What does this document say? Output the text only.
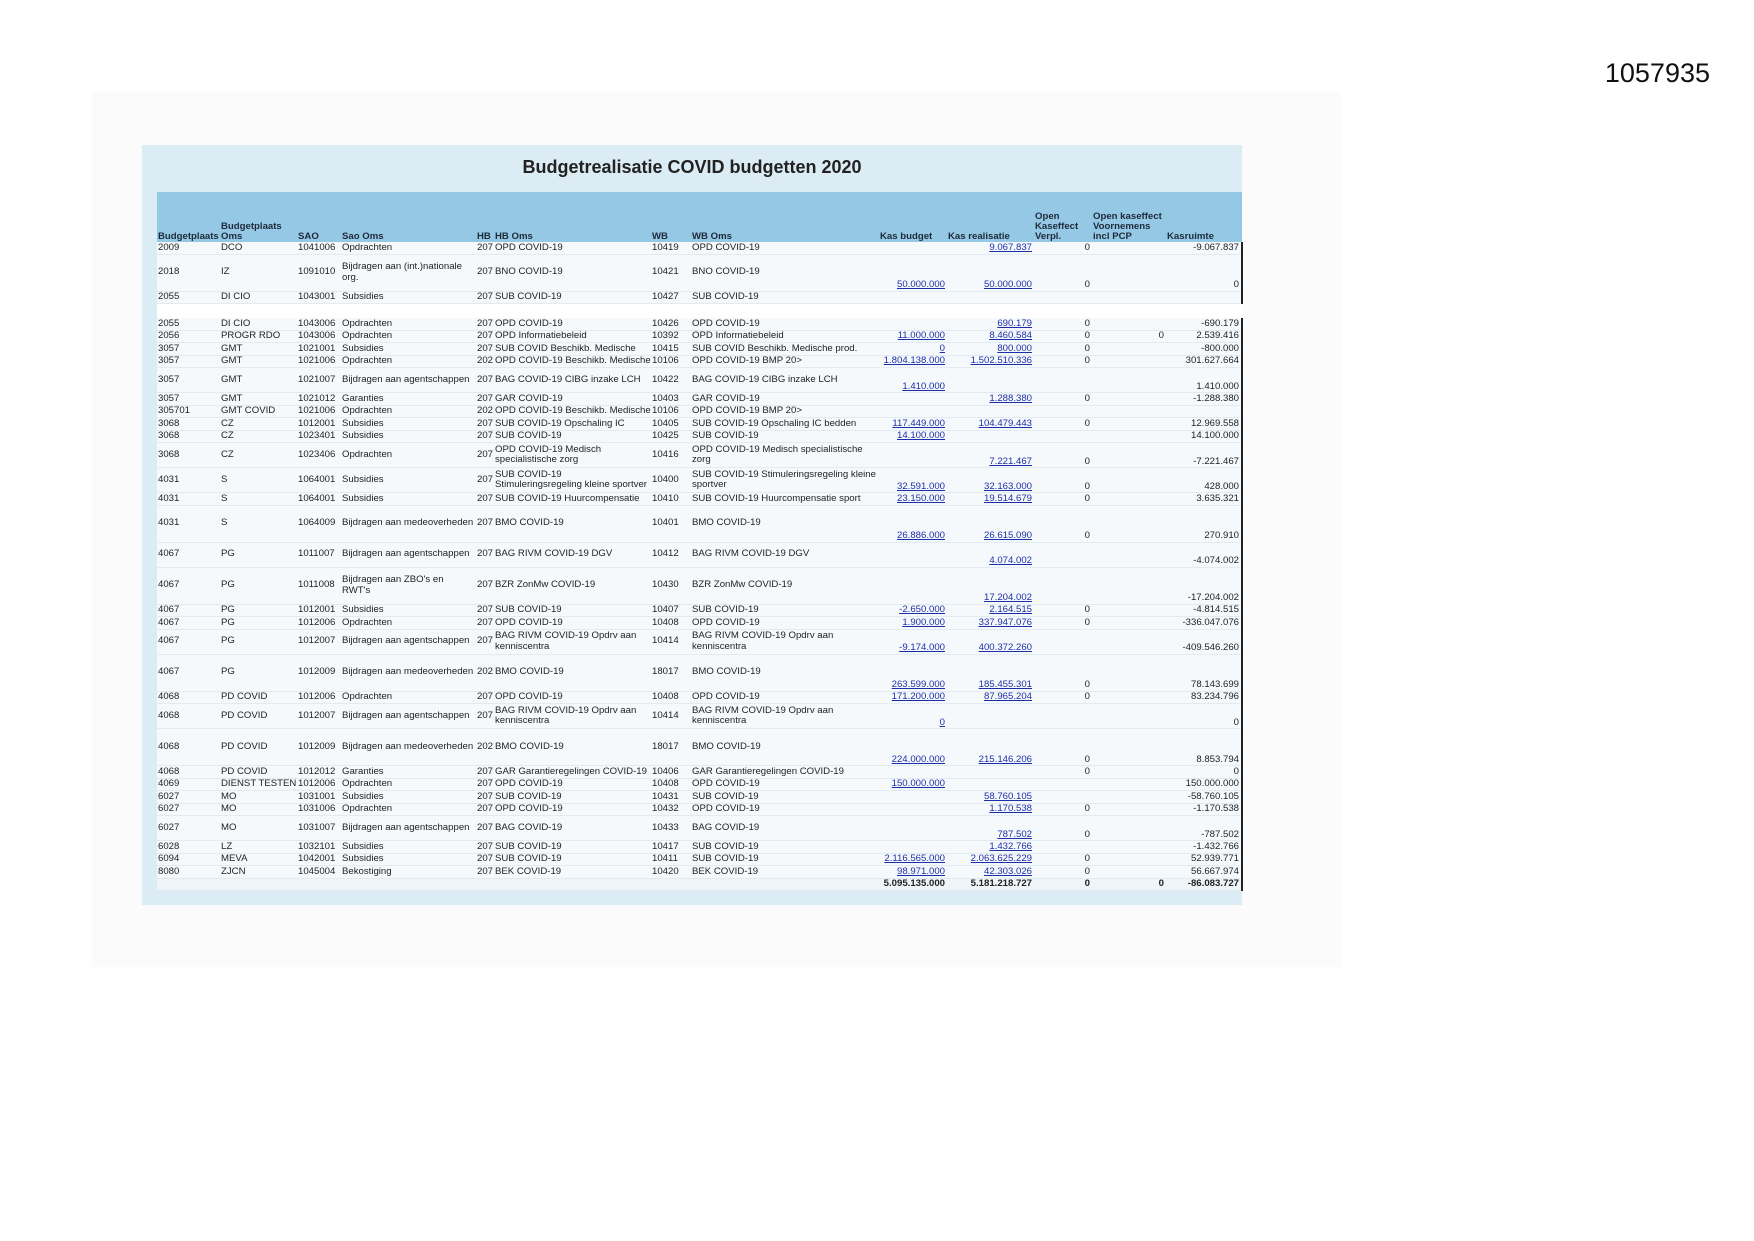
1057935
Budgetrealisatie COVID budgetten 2020
Budgetplaats	Budgetplaats Oms	SAO	Sao Oms	HB	HB Oms	WB	WB Oms	Kas budget	Kas realisatie	Open Kaseffect Verpl.	Open kaseffect Voornemens incl PCP	Kasruimte
2009	DCO	1041006	Opdrachten	207	OPD COVID-19	10419	OPD COVID-19		9.067.837	0		-9.067.837
2018	IZ	1091010	Bijdragen aan (int.)nationale org.	207	BNO COVID-19	10421	BNO COVID-19	50.000.000	50.000.000	0		0
2055	DI CIO	1043001	Subsidies	207	SUB COVID-19	10427	SUB COVID-19					

2055	DI CIO	1043006	Opdrachten	207	OPD COVID-19	10426	OPD COVID-19		690.179	0		-690.179
2056	PROGR RDO	1043006	Opdrachten	207	OPD Informatiebeleid	10392	OPD Informatiebeleid	11.000.000	8.460.584	0	0	2.539.416
3057	GMT	1021001	Subsidies	207	SUB COVID Beschikb. Medische	10415	SUB COVID Beschikb. Medische prod.	0	800.000	0		-800.000
3057	GMT	1021006	Opdrachten	202	OPD COVID-19 Beschikb. Medische	10106	OPD COVID-19 BMP 20>	1.804.138.000	1.502.510.336	0		301.627.664
3057	GMT	1021007	Bijdragen aan agentschappen	207	BAG COVID-19 CIBG inzake LCH	10422	BAG COVID-19 CIBG inzake LCH	1.410.000				1.410.000
3057	GMT	1021012	Garanties	207	GAR COVID-19	10403	GAR COVID-19		1.288.380	0		-1.288.380
305701	GMT COVID	1021006	Opdrachten	202	OPD COVID-19 Beschikb. Medische	10106	OPD COVID-19 BMP 20>					
3068	CZ	1012001	Subsidies	207	SUB COVID-19 Opschaling IC	10405	SUB COVID-19 Opschaling IC bedden	117.449.000	104.479.443	0		12.969.558
3068	CZ	1023401	Subsidies	207	SUB COVID-19	10425	SUB COVID-19	14.100.000				14.100.000
3068	CZ	1023406	Opdrachten	207	OPD COVID-19 Medisch specialistische zorg	10416	OPD COVID-19 Medisch specialistische zorg		7.221.467	0		-7.221.467
4031	S	1064001	Subsidies	207	SUB COVID-19 Stimuleringsregeling kleine sportver	10400	SUB COVID-19 Stimuleringsregeling kleine sportver	32.591.000	32.163.000	0		428.000
4031	S	1064001	Subsidies	207	SUB COVID-19 Huurcompensatie	10410	SUB COVID-19 Huurcompensatie sport	23.150.000	19.514.679	0		3.635.321
4031	S	1064009	Bijdragen aan medeoverheden	207	BMO COVID-19	10401	BMO COVID-19	26.886.000	26.615.090	0		270.910
4067	PG	1011007	Bijdragen aan agentschappen	207	BAG RIVM COVID-19 DGV	10412	BAG RIVM COVID-19 DGV		4.074.002			-4.074.002
4067	PG	1011008	Bijdragen aan ZBO's en RWT's	207	BZR ZonMw COVID-19	10430	BZR ZonMw COVID-19		17.204.002			-17.204.002
4067	PG	1012001	Subsidies	207	SUB COVID-19	10407	SUB COVID-19	-2.650.000	2.164.515	0		-4.814.515
4067	PG	1012006	Opdrachten	207	OPD COVID-19	10408	OPD COVID-19	1.900.000	337.947.076	0		-336.047.076
4067	PG	1012007	Bijdragen aan agentschappen	207	BAG RIVM COVID-19 Opdrv aan kenniscentra	10414	BAG RIVM COVID-19 Opdrv aan kenniscentra	-9.174.000	400.372.260			-409.546.260
4067	PG	1012009	Bijdragen aan medeoverheden	202	BMO COVID-19	18017	BMO COVID-19	263.599.000	185.455.301	0		78.143.699
4068	PD COVID	1012006	Opdrachten	207	OPD COVID-19	10408	OPD COVID-19	171.200.000	87.965.204	0		83.234.796
4068	PD COVID	1012007	Bijdragen aan agentschappen	207	BAG RIVM COVID-19 Opdrv aan kenniscentra	10414	BAG RIVM COVID-19 Opdrv aan kenniscentra	0				0
4068	PD COVID	1012009	Bijdragen aan medeoverheden	202	BMO COVID-19	18017	BMO COVID-19	224.000.000	215.146.206	0		8.853.794
4068	PD COVID	1012012	Garanties	207	GAR Garantieregelingen COVID-19	10406	GAR Garantieregelingen COVID-19			0		0
4069	DIENST TESTEN	1012006	Opdrachten	207	OPD COVID-19	10408	OPD COVID-19	150.000.000				150.000.000
6027	MO	1031001	Subsidies	207	SUB COVID-19	10431	SUB COVID-19		58.760.105			-58.760.105
6027	MO	1031006	Opdrachten	207	OPD COVID-19	10432	OPD COVID-19		1.170.538	0		-1.170.538
6027	MO	1031007	Bijdragen aan agentschappen	207	BAG COVID-19	10433	BAG COVID-19		787.502	0		-787.502
6028	LZ	1032101	Subsidies	207	SUB COVID-19	10417	SUB COVID-19		1.432.766			-1.432.766
6094	MEVA	1042001	Subsidies	207	SUB COVID-19	10411	SUB COVID-19	2.116.565.000	2.063.625.229	0		52.939.771
8080	ZJCN	1045004	Bekostiging	207	BEK COVID-19	10420	BEK COVID-19	98.971.000	42.303.026	0		56.667.974
								5.095.135.000	5.181.218.727	0	0	-86.083.727
